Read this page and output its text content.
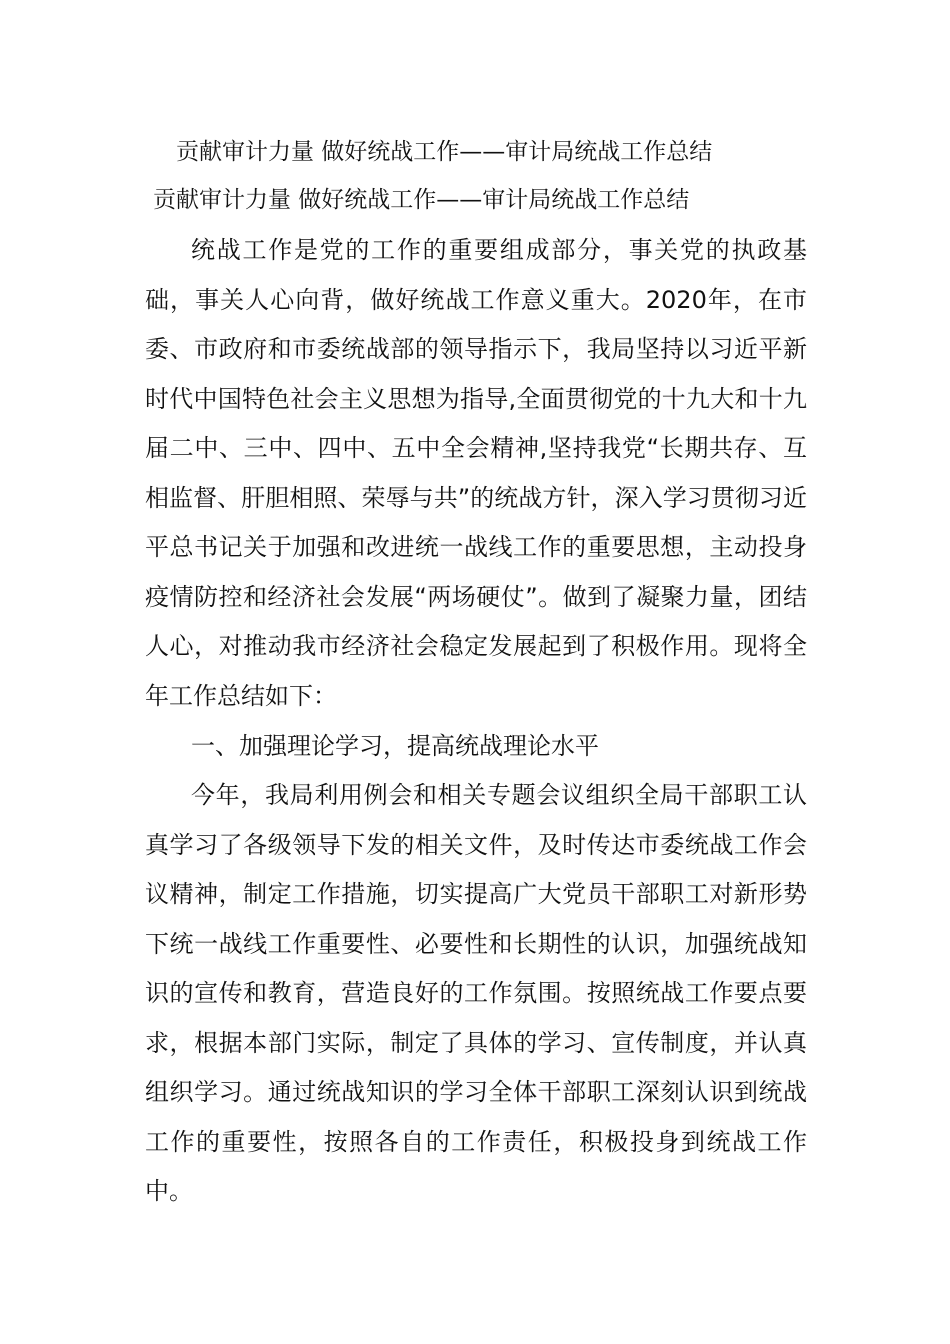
贡献审计力量 做好统战工作——审计局统战工作总结
贡献审计力量 做好统战工作——审计局统战工作总结

统战工作是党的工作的重要组成部分，事关党的执政基础，事关人心向背，做好统战工作意义重大。2020年，在市委、市政府和市委统战部的领导指示下，我局坚持以习近平新时代中国特色社会主义思想为指导,全面贯彻党的十九大和十九届二中、三中、四中、五中全会精神,坚持我党“长期共存、互相监督、肝胆相照、荣辱与共”的统战方针，深入学习贯彻习近平总书记关于加强和改进统一战线工作的重要思想，主动投身疫情防控和经济社会发展“两场硬仗”。做到了凝聚力量，团结人心，对推动我市经济社会稳定发展起到了积极作用。现将全年工作总结如下：

一、加强理论学习，提高统战理论水平

今年，我局利用例会和相关专题会议组织全局干部职工认真学习了各级领导下发的相关文件，及时传达市委统战工作会议精神，制定工作措施，切实提高广大党员干部职工对新形势下统一战线工作重要性、必要性和长期性的认识，加强统战知识的宣传和教育，营造良好的工作氛围。按照统战工作要点要求，根据本部门实际，制定了具体的学习、宣传制度，并认真组织学习。通过统战知识的学习全体干部职工深刻认识到统战工作的重要性，按照各自的工作责任，积极投身到统战工作中。
